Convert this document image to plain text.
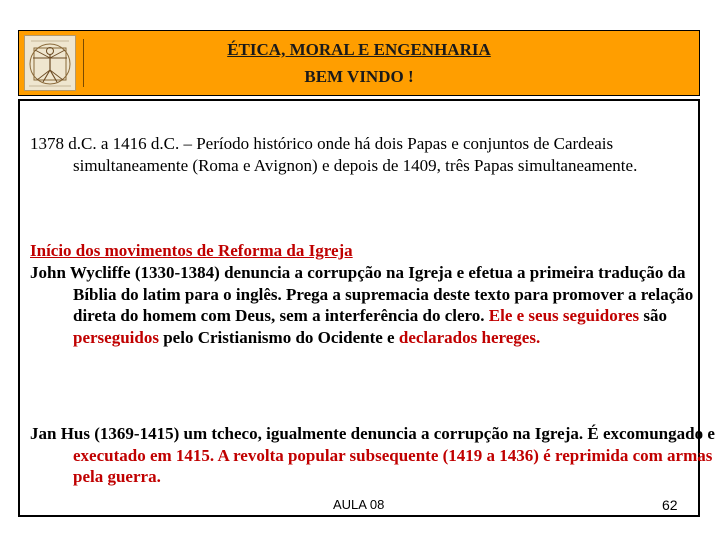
ÉTICA, MORAL E ENGENHARIA
BEM VINDO !
1378 d.C. a 1416 d.C. – Período histórico onde há dois Papas e conjuntos de Cardeais simultaneamente (Roma e Avignon) e depois de 1409, três Papas simultaneamente.
Início dos movimentos de Reforma da Igreja
John Wycliffe (1330-1384) denuncia a corrupção na Igreja e efetua a primeira tradução da Bíblia do latim para o inglês. Prega a supremacia deste texto para promover a relação direta do homem com Deus, sem a interferência do clero. Ele e seus seguidores são perseguidos pelo Cristianismo do Ocidente e declarados hereges.
Jan Hus (1369-1415) um tcheco, igualmente denuncia a corrupção na Igreja. É excomungado e executado em 1415. A revolta popular subsequente (1419 a 1436) é reprimida com armas pela guerra.
AULA 08	62
